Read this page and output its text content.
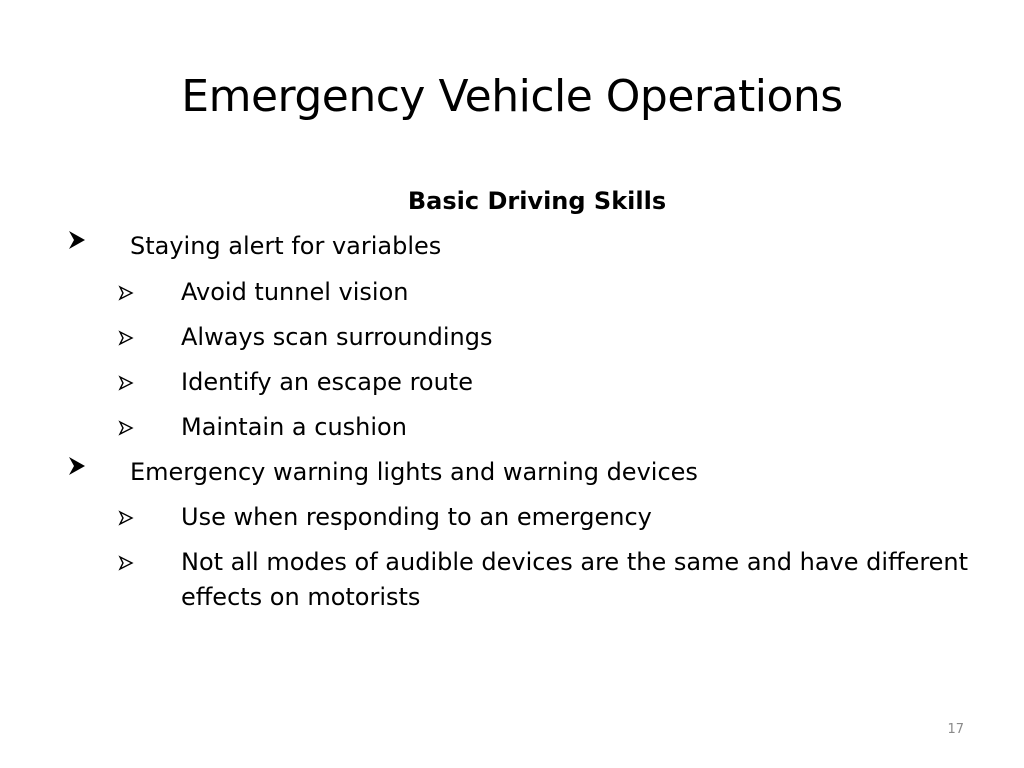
Emergency Vehicle Operations
Basic Driving Skills
Staying alert for variables
Avoid tunnel vision
Always scan surroundings
Identify an escape route
Maintain a cushion
Emergency warning lights and warning devices
Use when responding to an emergency
Not all modes of audible devices are the same and have different effects on motorists
17
